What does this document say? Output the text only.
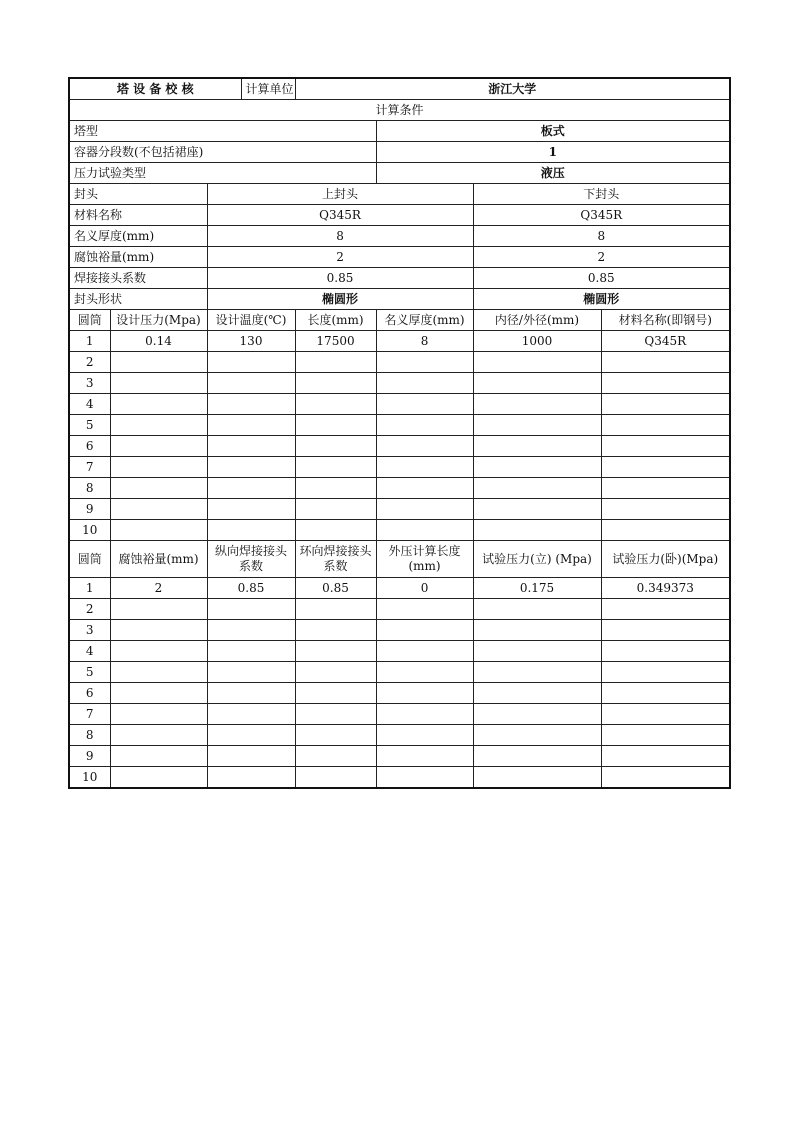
塔 设 备 校 核			计算单位	浙江大学			
计算条件							
塔型					板式		
容器分段数(不包括裙座)					1		
压力试验类型					液压		
封头		上封头				下封头	
材料名称		Q345R				Q345R	
名义厚度(mm)		8				8	
腐蚀裕量(mm)		2				2	
焊接接头系数		0.85				0.85	
封头形状		椭圆形				椭圆形	
圆筒	设计压力(Mpa)	设计温度(℃)		长度(mm)	名义厚度(mm)	内径/外径(mm)	材料名称(即钢号)
1	0.14	130		17500	8	1000	Q345R
2							
3							
4							
5							
6							
7							
8							
9							
10							
圆筒	腐蚀裕量(mm)	纵向焊接接头系数		环向焊接接头系数	外压计算长度(mm)	试验压力(立) (Mpa)	试验压力(卧)(Mpa)
1	2	0.85		0.85	0	0.175	0.349373
2							
3							
4							
5							
6							
7							
8							
9							
10							
